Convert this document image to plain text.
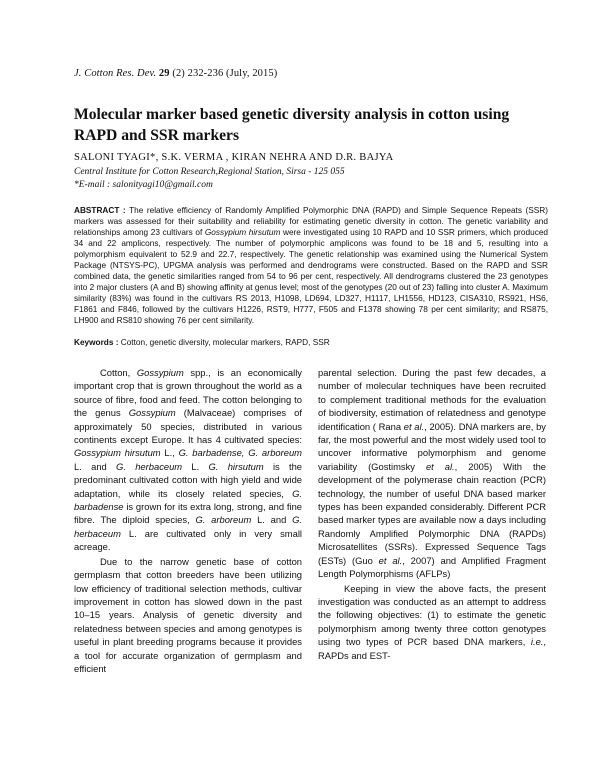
J. Cotton Res. Dev. 29 (2) 232-236 (July, 2015)
Molecular marker based genetic diversity analysis in cotton using RAPD and SSR markers
SALONI TYAGI*, S.K. VERMA , KIRAN NEHRA AND D.R. BAJYA
Central Institute for Cotton Research,Regional Station, Sirsa - 125 055
*E-mail : salonityagi10@gmail.com

ABSTRACT : The relative efficiency of Randomly Amplified Polymorphic DNA (RAPD) and Simple Sequence Repeats (SSR) markers was assessed for their suitability and reliability for estimating genetic diversity in cotton. The genetic variability and relationships among 23 cultivars of Gossypium hirsutum were investigated using 10 RAPD and 10 SSR primers, which produced 34 and 22 amplicons, respectively. The number of polymorphic amplicons was found to be 18 and 5, resulting into a polymorphism equivalent to 52.9 and 22.7, respectively. The genetic relationship was examined using the Numerical System Package (NTSYS-PC), UPGMA analysis was performed and dendrograms were constructed. Based on the RAPD and SSR combined data, the genetic similarities ranged from 54 to 96 per cent, respectively. All dendrograms clustered the 23 genotypes into 2 major clusters (A and B) showing affinity at genus level; most of the genotypes (20 out of 23) falling into cluster A. Maximum similarity (83%) was found in the cultivars RS 2013, H1098, LD694, LD327, H1117, LH1556, HD123, CISA310, RS921, HS6, F1861 and F846, followed by the cultivars H1226, RST9, H777, F505 and F1378 showing 78 per cent similarity; and RS875, LH900 and RS810 showing 76 per cent similarity.

Keywords : Cotton, genetic diversity, molecular markers, RAPD, SSR

Cotton, Gossypium spp., is an economically important crop that is grown throughout the world as a source of fibre, food and feed. The cotton belonging to the genus Gossypium (Malvaceae) comprises of approximately 50 species, distributed in various continents except Europe. It has 4 cultivated species: Gossypium hirsutum L., G. barbadense, G. arboreum L. and G. herbaceum L. G. hirsutum is the predominant cultivated cotton with high yield and wide adaptation, while its closely related species, G. barbadense is grown for its extra long, strong, and fine fibre. The diploid species, G. arboreum L. and G. herbaceum L. are cultivated only in very small acreage.

Due to the narrow genetic base of cotton germplasm that cotton breeders have been utilizing low efficiency of traditional selection methods, cultivar improvement in cotton has slowed down in the past 10–15 years. Analysis of genetic diversity and relatedness between species and among genotypes is useful in plant breeding programs because it provides a tool for accurate organization of germplasm and efficient

parental selection. During the past few decades, a number of molecular techniques have been recruited to complement traditional methods for the evaluation of biodiversity, estimation of relatedness and genotype identification ( Rana et al., 2005). DNA markers are, by far, the most powerful and the most widely used tool to uncover informative polymorphism and genome variability (Gostimsky et al., 2005) With the development of the polymerase chain reaction (PCR) technology, the number of useful DNA based marker types has been expanded considerably. Different PCR based marker types are available now a days including Randomly Amplified Polymorphic DNA (RAPDs) Microsatellites (SSRs). Expressed Sequence Tags (ESTs) (Guo et al., 2007) and Amplified Fragment Length Polymorphisms (AFLPs)

Keeping in view the above facts, the present investigation was conducted as an attempt to address the following objectives: (1) to estimate the genetic polymorphism among twenty three cotton genotypes using two types of PCR based DNA markers, i.e., RAPDs and EST-
